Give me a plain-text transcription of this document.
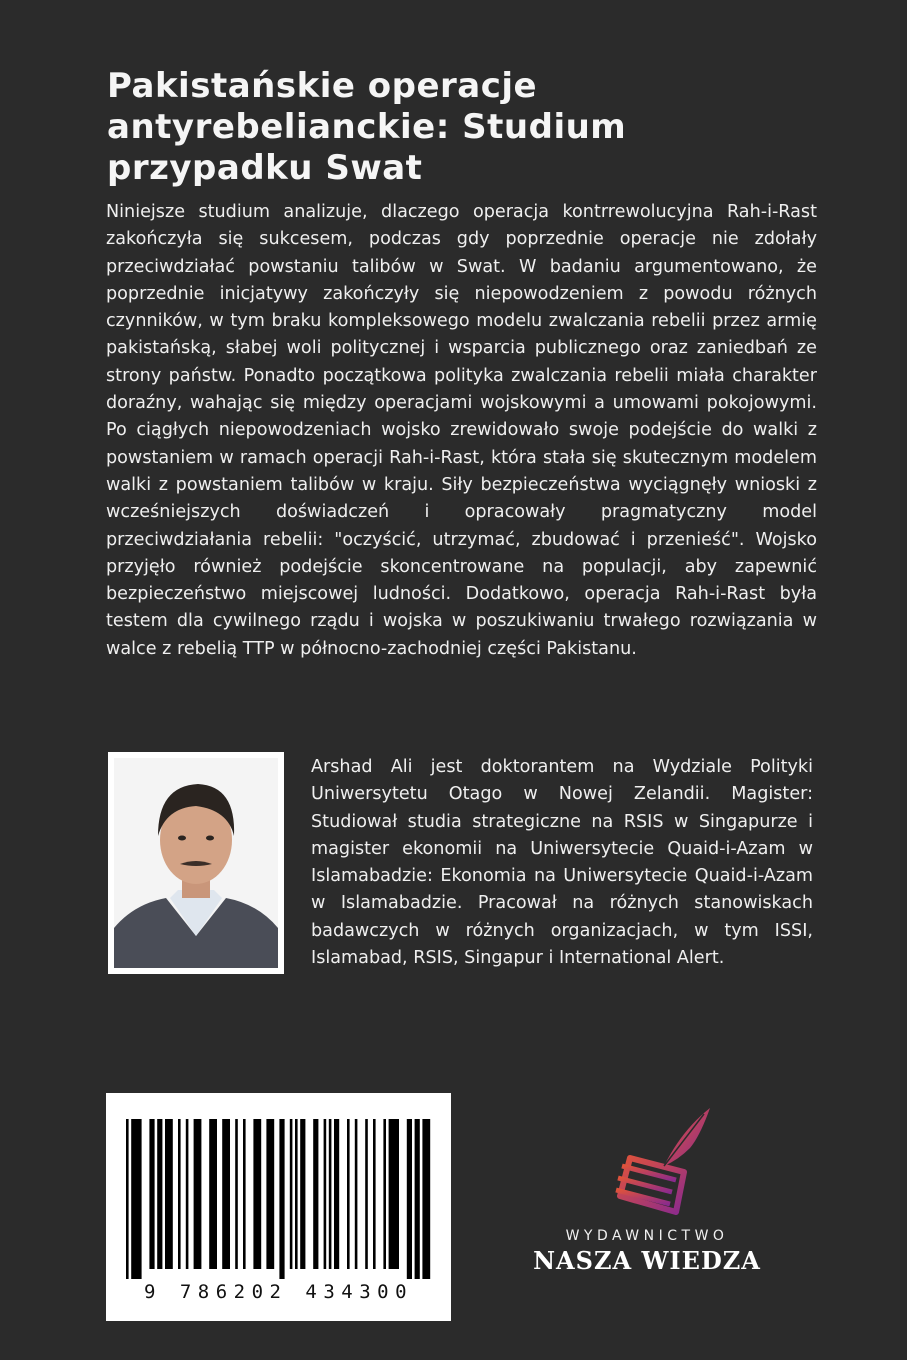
Pakistańskie operacje antyrebelianckie: Studium przypadku Swat

Niniejsze studium analizuje, dlaczego operacja kontrrewolucyjna Rah-i-Rast zakończyła się sukcesem, podczas gdy poprzednie operacje nie zdołały przeciwdziałać powstaniu talibów w Swat. W badaniu argumentowano, że poprzednie inicjatywy zakończyły się niepowodzeniem z powodu różnych czynników, w tym braku kompleksowego modelu zwalczania rebelii przez armię pakistańską, słabej woli politycznej i wsparcia publicznego oraz zaniedbań ze strony państw. Ponadto początkowa polityka zwalczania rebelii miała charakter doraźny, wahając się między operacjami wojskowymi a umowami pokojowymi. Po ciągłych niepowodzeniach wojsko zrewidowało swoje podejście do walki z powstaniem w ramach operacji Rah-i-Rast, która stała się skutecznym modelem walki z powstaniem talibów w kraju. Siły bezpieczeństwa wyciągnęły wnioski z wcześniejszych doświadczeń i opracowały pragmatyczny model przeciwdziałania rebelii: "oczyścić, utrzymać, zbudować i przenieść". Wojsko przyjęło również podejście skoncentrowane na populacji, aby zapewnić bezpieczeństwo miejscowej ludności. Dodatkowo, operacja Rah-i-Rast była testem dla cywilnego rządu i wojska w poszukiwaniu trwałego rozwiązania w walce z rebelią TTP w północno-zachodniej części Pakistanu.

Arshad Ali jest doktorantem na Wydziale Polityki Uniwersytetu Otago w Nowej Zelandii. Magister: Studiował studia strategiczne na RSIS w Singapurze i magister ekonomii na Uniwersytecie Quaid-i-Azam w Islamabadzie: Ekonomia na Uniwersytecie Quaid-i-Azam w Islamabadzie. Pracował na różnych stanowiskach badawczych w różnych organizacjach, w tym ISSI, Islamabad, RSIS, Singapur i International Alert.

9 786202 434300
WYDAWNICTWO
NASZA WIEDZA
